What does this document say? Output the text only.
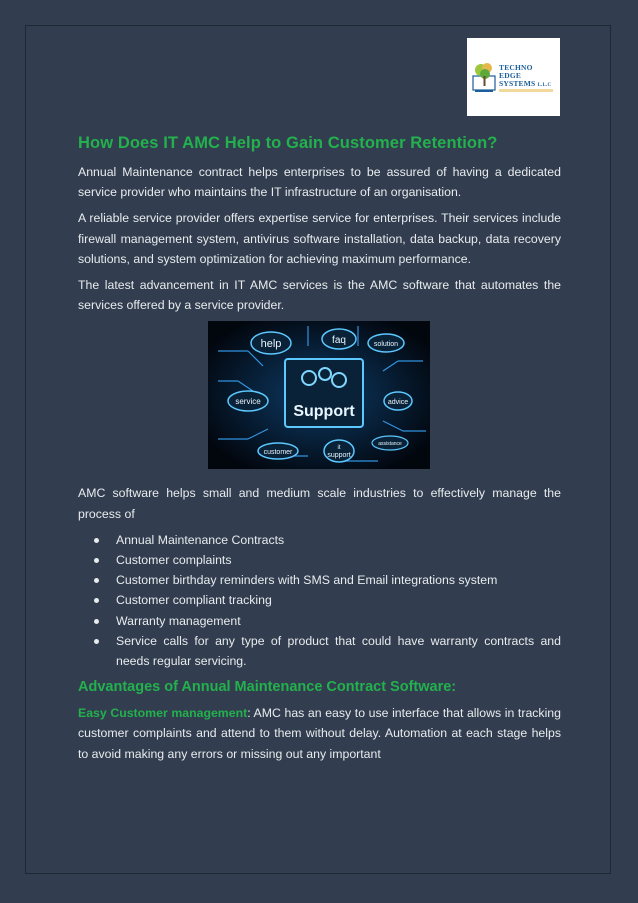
TECHNO
EDGE
SYSTEMS L.L.C
How Does IT AMC Help to Gain Customer Retention?

Annual Maintenance contract helps enterprises to be assured of having a dedicated service provider who maintains the IT infrastructure of an organisation.

A reliable service provider offers expertise service for enterprises. Their services include firewall management system, antivirus software installation, data backup, data recovery solutions, and system optimization for achieving maximum performance.

The latest advancement in IT AMC services is the AMC software that automates the services offered by a service provider.

Support
help	faq	solution
service	advice
customer
it
support
assistance

AMC software helps small and medium scale industries to effectively manage the process of

Annual Maintenance Contracts
Customer complaints
Customer birthday reminders with SMS and Email integrations system
Customer compliant tracking
Warranty management
Service calls for any type of product that could have warranty contracts and needs regular servicing.
Advantages of Annual Maintenance Contract Software:

Easy Customer management: AMC has an easy to use interface that allows in tracking customer complaints and attend to them without delay. Automation at each stage helps to avoid making any errors or missing out any important
